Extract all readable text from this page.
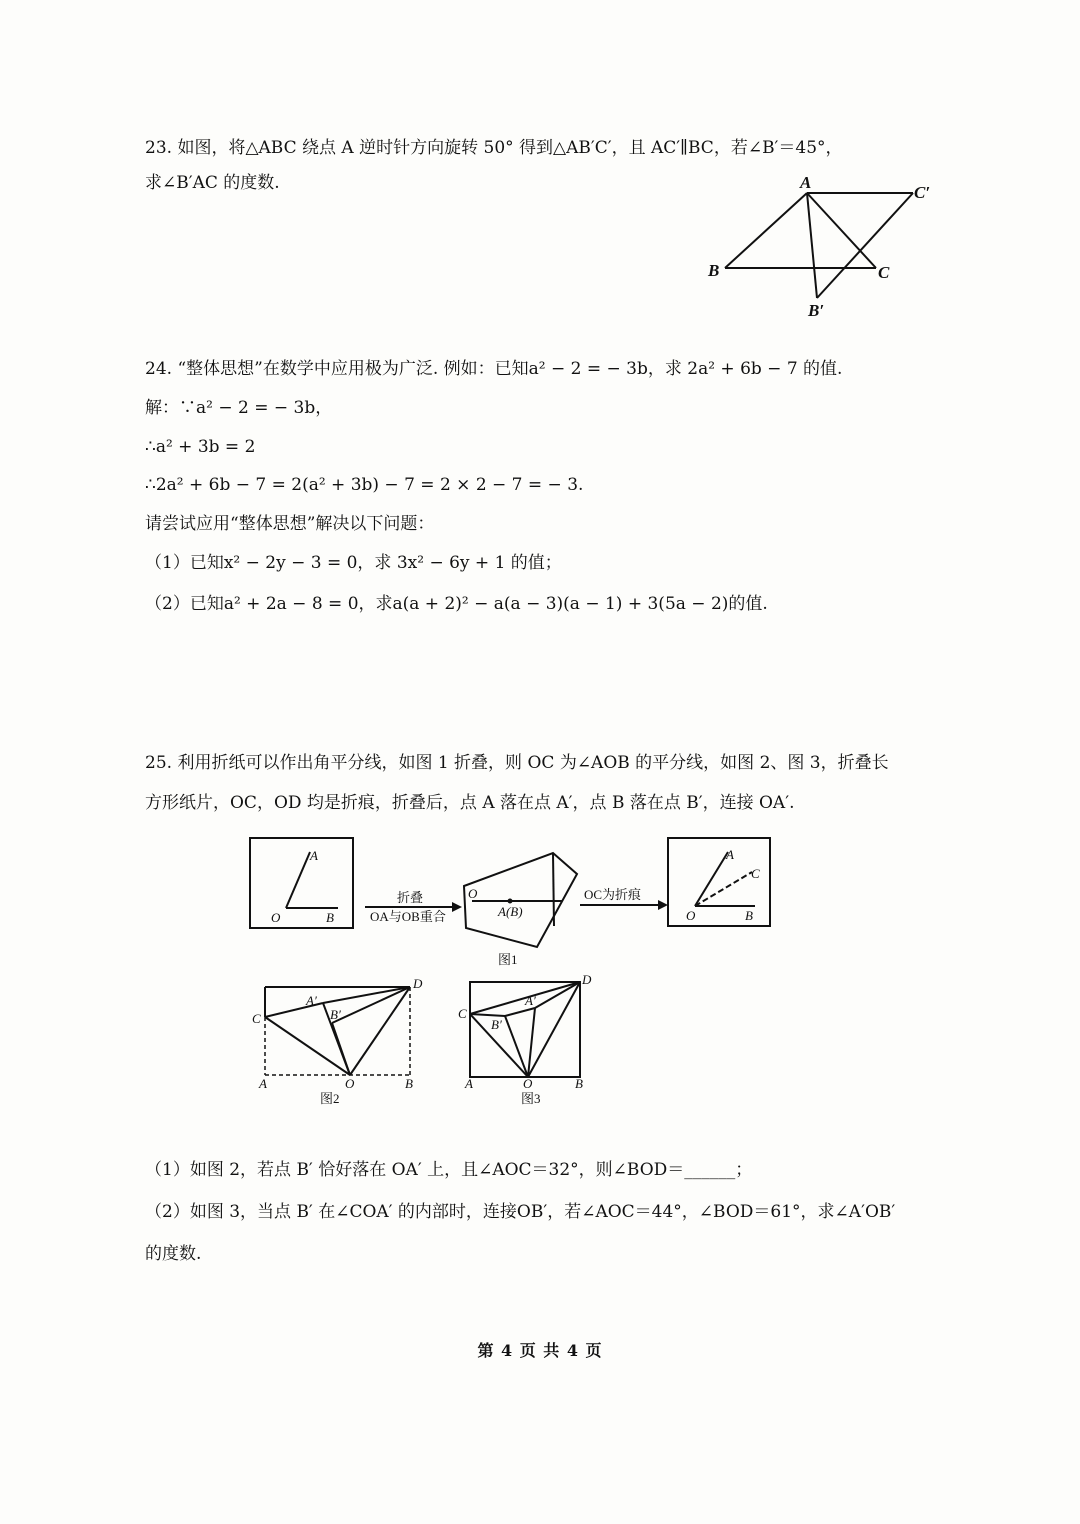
23. 如图，将△ABC 绕点 A 逆时针方向旋转 50° 得到△AB′C′，且 AC′∥BC，若∠B′＝45°，
求∠B′AC 的度数.	A
C′
B	C
B′
24. “整体思想”在数学中应用极为广泛. 例如：已知a² − 2 = − 3b，求 2a² + 6b − 7 的值.
解：∵a² − 2 = − 3b，
∴a² + 3b = 2
∴2a² + 6b − 7 = 2(a² + 3b) − 7 = 2 × 2 − 7 = − 3.
请尝试应用“整体思想”解决以下问题：
（1）已知x² − 2y − 3 = 0，求 3x² − 6y + 1 的值；
（2）已知a² + 2a − 8 = 0，求a(a + 2)² − a(a − 3)(a − 1) + 3(5a − 2)的值.
25. 利用折纸可以作出角平分线，如图 1 折叠，则 OC 为∠AOB 的平分线，如图 2、图 3，折叠长
方形纸片，OC，OD 均是折痕，折叠后，点 A 落在点 A′，点 B 落在点 B′，连接 OA′.
A
O	B
O
A(B)
A
C
O	B
折叠
OA与OB重合
OC为折痕
图1
C
D
A′
B′
A	O	B
图2
C
D
A′
B′
A	O	B
图3
（1）如图 2，若点 B′ 恰好落在 OA′ 上，且∠AOC＝32°，则∠BOD＝______；
（2）如图 3，当点 B′ 在∠COA′ 的内部时，连接OB′，若∠AOC＝44°，∠BOD＝61°，求∠A′OB′
的度数.
第 4 页 共 4 页
